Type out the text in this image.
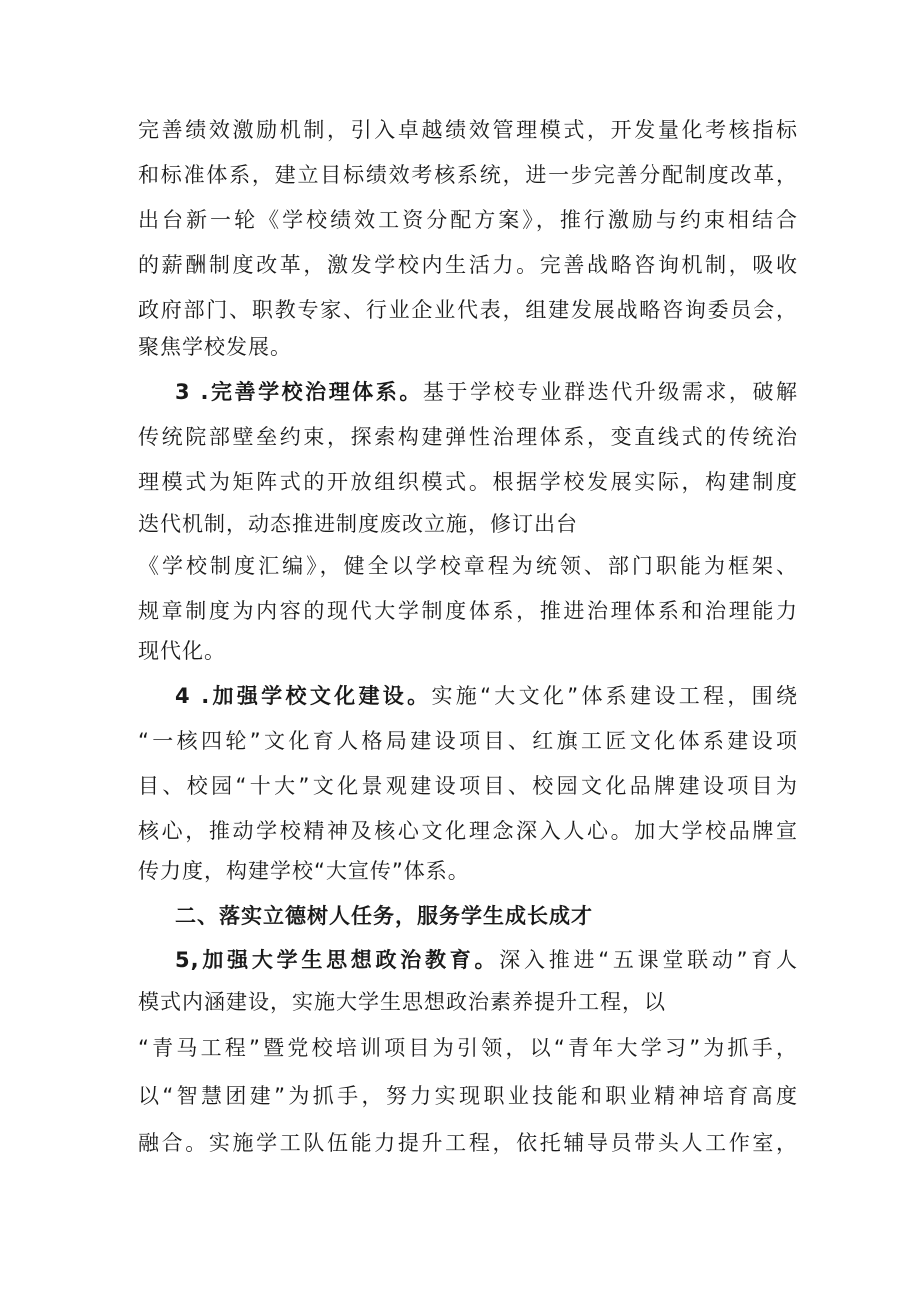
完善绩效激励机制，引入卓越绩效管理模式，开发量化考核指标
和标准体系，建立目标绩效考核系统，进一步完善分配制度改革，
出台新一轮《学校绩效工资分配方案》，推行激励与约束相结合
的薪酬制度改革，激发学校内生活力。完善战略咨询机制，吸收
政府部门、职教专家、行业企业代表，组建发展战略咨询委员会，
聚焦学校发展。
3 .完善学校治理体系。基于学校专业群迭代升级需求，破解
传统院部壁垒约束，探索构建弹性治理体系，变直线式的传统治
理模式为矩阵式的开放组织模式。根据学校发展实际，构建制度
迭代机制，动态推进制度废改立施，修订出台
《学校制度汇编》，健全以学校章程为统领、部门职能为框架、
规章制度为内容的现代大学制度体系，推进治理体系和治理能力
现代化。
4 .加强学校文化建设。实施“大文化”体系建设工程，围绕
“一核四轮”文化育人格局建设项目、红旗工匠文化体系建设项
目、校园“十大”文化景观建设项目、校园文化品牌建设项目为
核心，推动学校精神及核心文化理念深入人心。加大学校品牌宣
传力度，构建学校“大宣传”体系。
二、落实立德树人任务，服务学生成长成才
5,加强大学生思想政治教育。深入推进“五课堂联动”育人
模式内涵建设，实施大学生思想政治素养提升工程，以
“青马工程”暨党校培训项目为引领，以“青年大学习”为抓手，
以“智慧团建”为抓手，努力实现职业技能和职业精神培育高度
融合。实施学工队伍能力提升工程，依托辅导员带头人工作室，
